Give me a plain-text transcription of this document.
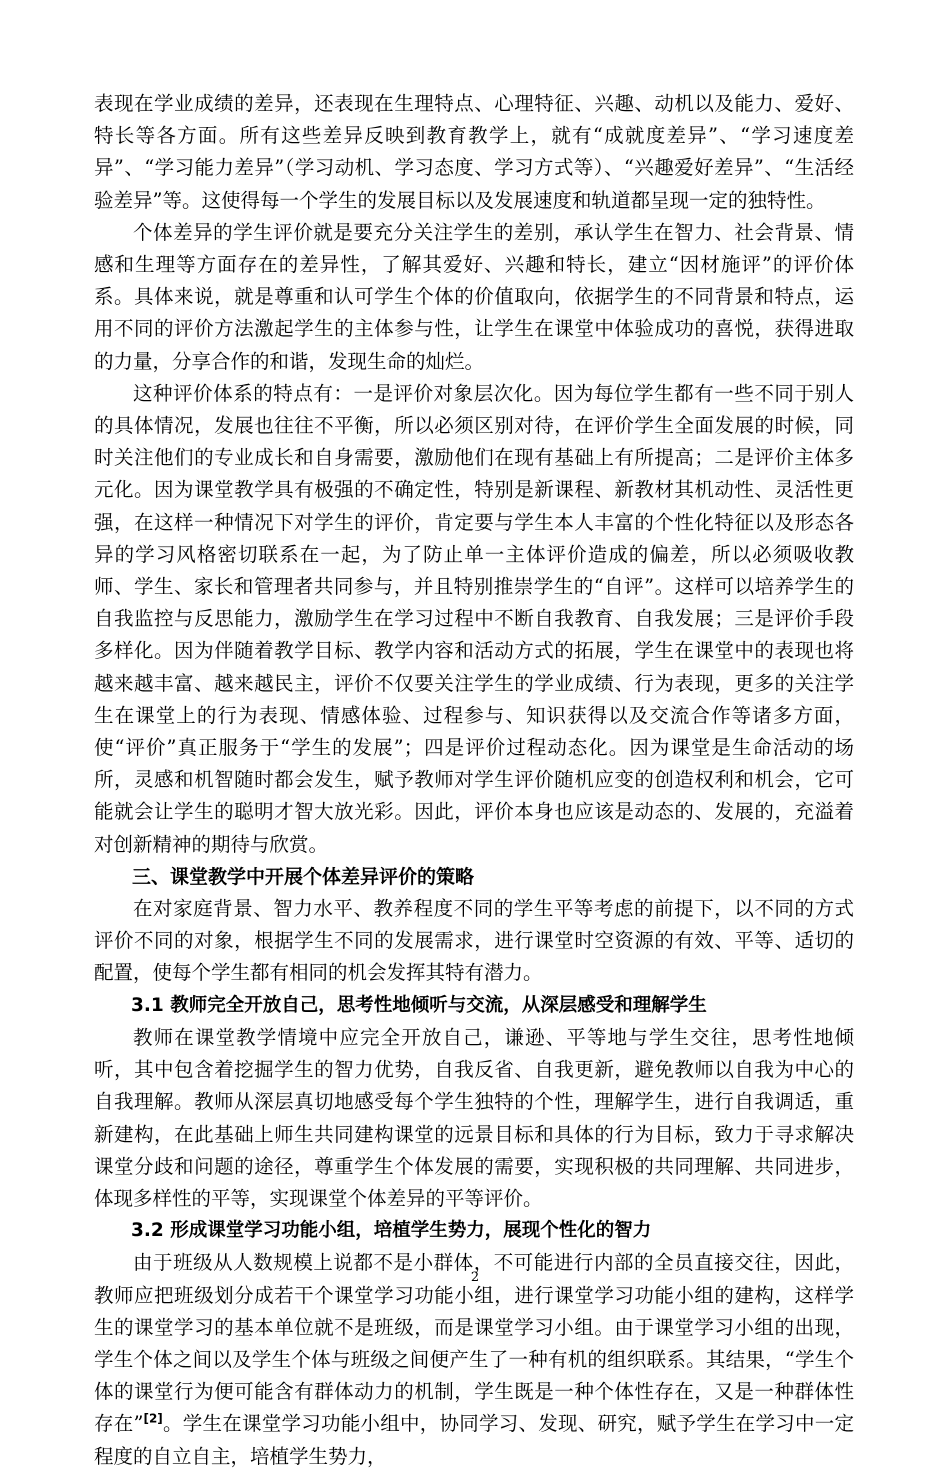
表现在学业成绩的差异，还表现在生理特点、心理特征、兴趣、动机以及能力、爱好、特长等各方面。所有这些差异反映到教育教学上，就有“成就度差异”、“学习速度差异”、“学习能力差异”（学习动机、学习态度、学习方式等）、“兴趣爱好差异”、“生活经验差异”等。这使得每一个学生的发展目标以及发展速度和轨道都呈现一定的独特性。

个体差异的学生评价就是要充分关注学生的差别，承认学生在智力、社会背景、情感和生理等方面存在的差异性，了解其爱好、兴趣和特长，建立“因材施评”的评价体系。具体来说，就是尊重和认可学生个体的价值取向，依据学生的不同背景和特点，运用不同的评价方法激起学生的主体参与性，让学生在课堂中体验成功的喜悦，获得进取的力量，分享合作的和谐，发现生命的灿烂。

这种评价体系的特点有：一是评价对象层次化。因为每位学生都有一些不同于别人的具体情况，发展也往往不平衡，所以必须区别对待，在评价学生全面发展的时候，同时关注他们的专业成长和自身需要，激励他们在现有基础上有所提高；二是评价主体多元化。因为课堂教学具有极强的不确定性，特别是新课程、新教材其机动性、灵活性更强，在这样一种情况下对学生的评价，肯定要与学生本人丰富的个性化特征以及形态各异的学习风格密切联系在一起，为了防止单一主体评价造成的偏差，所以必须吸收教师、学生、家长和管理者共同参与，并且特别推崇学生的“自评”。这样可以培养学生的自我监控与反思能力，激励学生在学习过程中不断自我教育、自我发展；三是评价手段多样化。因为伴随着教学目标、教学内容和活动方式的拓展，学生在课堂中的表现也将越来越丰富、越来越民主，评价不仅要关注学生的学业成绩、行为表现，更多的关注学生在课堂上的行为表现、情感体验、过程参与、知识获得以及交流合作等诸多方面，使“评价”真正服务于“学生的发展”；四是评价过程动态化。因为课堂是生命活动的场所，灵感和机智随时都会发生，赋予教师对学生评价随机应变的创造权利和机会，它可能就会让学生的聪明才智大放光彩。因此，评价本身也应该是动态的、发展的，充溢着对创新精神的期待与欣赏。

三、课堂教学中开展个体差异评价的策略

在对家庭背景、智力水平、教养程度不同的学生平等考虑的前提下，以不同的方式评价不同的对象，根据学生不同的发展需求，进行课堂时空资源的有效、平等、适切的配置，使每个学生都有相同的机会发挥其特有潜力。

3.1 教师完全开放自己，思考性地倾听与交流，从深层感受和理解学生

教师在课堂教学情境中应完全开放自己，谦逊、平等地与学生交往，思考性地倾听，其中包含着挖掘学生的智力优势，自我反省、自我更新，避免教师以自我为中心的自我理解。教师从深层真切地感受每个学生独特的个性，理解学生，进行自我调适，重新建构，在此基础上师生共同建构课堂的远景目标和具体的行为目标，致力于寻求解决课堂分歧和问题的途径，尊重学生个体发展的需要，实现积极的共同理解、共同进步，体现多样性的平等，实现课堂个体差异的平等评价。

3.2 形成课堂学习功能小组，培植学生势力，展现个性化的智力

由于班级从人数规模上说都不是小群体，不可能进行内部的全员直接交往，因此，教师应把班级划分成若干个课堂学习功能小组，进行课堂学习功能小组的建构，这样学生的课堂学习的基本单位就不是班级，而是课堂学习小组。由于课堂学习小组的出现，学生个体之间以及学生个体与班级之间便产生了一种有机的组织联系。其结果，“学生个体的课堂行为便可能含有群体动力的机制，学生既是一种个体性存在，又是一种群体性存在”[2]。学生在课堂学习功能小组中，协同学习、发现、研究，赋予学生在学习中一定程度的自立自主，培植学生势力，

2
